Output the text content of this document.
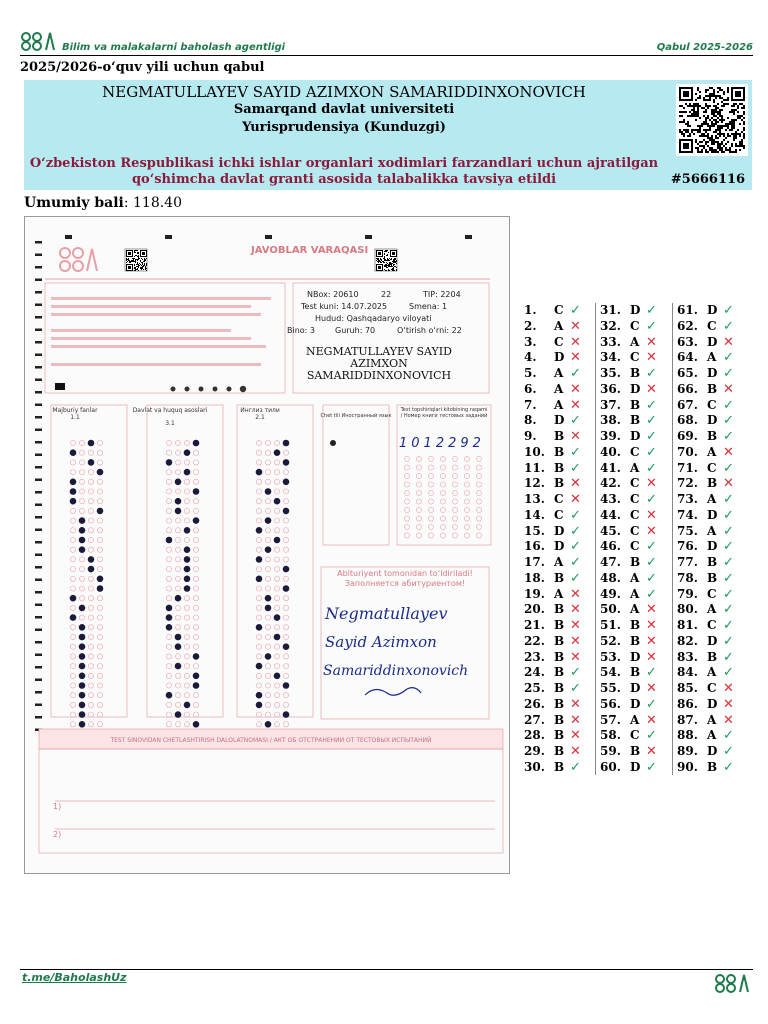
Bilim va malakalarni baholash agentligi	Qabul 2025-2026
2025/2026-o‘quv yili uchun qabul
NEGMATULLAYEV SAYID AZIMXON SAMARIDDINXONOVICH
Samarqand davlat universiteti
Yurisprudensiya (Kunduzgi)
O‘zbekiston Respublikasi ichki ishlar organlari xodimlari farzandlari uchun ajratilgan
qo‘shimcha davlat granti asosida talabalikka tavsiya etildi	#5666116
Umumiy bali: 118.40
JAVOBLAR VARAQASI
NBox: 20610	22	TIP: 2204
Test kuni: 14.07.2025	Smena: 1
Hudud: Qashqadaryo viloyati
Bino: 3 Guruh: 70	O‘tirish o‘rni: 22
NEGMATULLAYEV SAYID
AZIMXON
SAMARIDDINXONOVICH
Majburiy fanlar
1.1
Davlat va huquq asoslari
3.1
Инглиз тили
2.1	Chet tili Иностранный язык
Test topshiriqlari kitobining raqami / Номер книги тестовых заданий
1012292
Abituriyent tomonidan to‘ldiriladi! Заполняется абитуриентом!
Negmatullayev
Sayid Azimxon
Samariddinxonovich
TEST SINOVIDAN CHETLASHTIRISH DALOLATNOMASI / АКТ ОБ ОТСТРАНЕНИИ ОТ ТЕСТОВЫХ ИСПЫТАНИЙ
1)
2)
1. C ✓
2. A ✕
3. C ✕
4. D ✕
5. A ✓
6. A ✕
7. A ✕
8. D ✓
9. B ✕
10. B ✓
11. B ✓
12. B ✕
13. C ✕
14. C ✓
15. D ✓
16. D ✓
17. A ✓
18. B ✓
19. A ✕
20. B ✕
21. B ✕
22. B ✕
23. B ✕
24. B ✓
25. B ✓
26. B ✕
27. B ✕
28. B ✕
29. B ✕
30. B ✓
31. D ✓
32. C ✓
33. A ✕
34. C ✕
35. B ✓
36. D ✕
37. B ✓
38. B ✓
39. D ✓
40. C ✓
41. A ✓
42. C ✕
43. C ✓
44. C ✕
45. C ✕
46. C ✓
47. B ✓
48. A ✓
49. A ✓
50. A ✕
51. B ✕
52. B ✕
53. D ✕
54. B ✓
55. D ✕
56. D ✓
57. A ✕
58. C ✓
59. B ✕
60. D ✓
61. D ✓
62. C ✓
63. D ✕
64. A ✓
65. D ✓
66. B ✕
67. C ✓
68. D ✓
69. B ✓
70. A ✕
71. C ✓
72. B ✕
73. A ✓
74. D ✓
75. A ✓
76. D ✓
77. B ✓
78. B ✓
79. C ✓
80. A ✓
81. C ✓
82. D ✓
83. B ✓
84. A ✓
85. C ✕
86. D ✕
87. A ✕
88. A ✓
89. D ✓
90. B ✓
t.me/BaholashUz
